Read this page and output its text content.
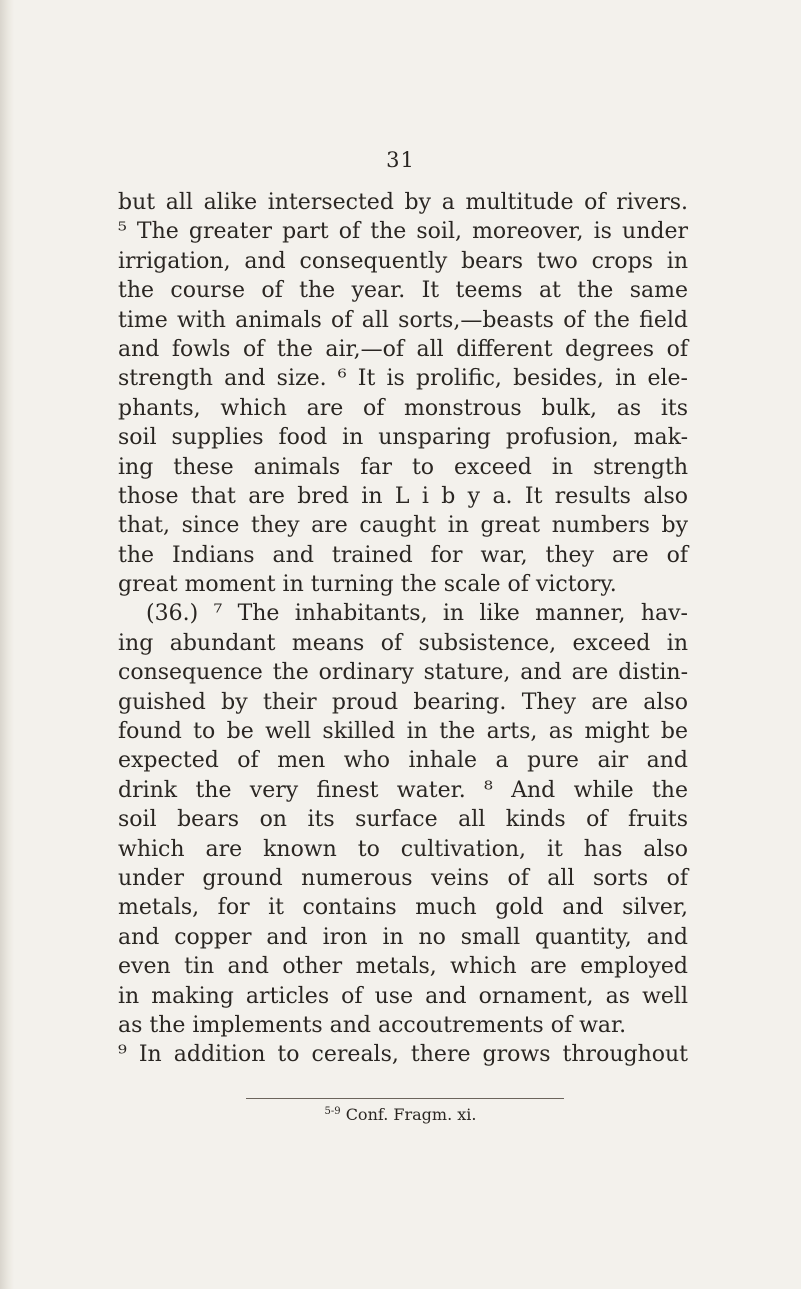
31
but all alike intersected by a multitude of rivers.
⁵ The greater part of the soil, moreover, is under
irrigation, and consequently bears two crops in
the course of the year. It teems at the same
time with animals of all sorts,—beasts of the field
and fowls of the air,—of all different degrees of
strength and size. ⁶ It is prolific, besides, in ele-
phants, which are of monstrous bulk, as its
soil supplies food in unsparing profusion, mak-
ing these animals far to exceed in strength
those that are bred in L i b y a. It results also
that, since they are caught in great numbers by
the Indians and trained for war, they are of
great moment in turning the scale of victory.
(36.) ⁷ The inhabitants, in like manner, hav-
ing abundant means of subsistence, exceed in
consequence the ordinary stature, and are distin-
guished by their proud bearing. They are also
found to be well skilled in the arts, as might be
expected of men who inhale a pure air and
drink the very finest water. ⁸ And while the
soil bears on its surface all kinds of fruits
which are known to cultivation, it has also
under ground numerous veins of all sorts of
metals, for it contains much gold and silver,
and copper and iron in no small quantity, and
even tin and other metals, which are employed
in making articles of use and ornament, as well
as the implements and accoutrements of war.
⁹ In addition to cereals, there grows throughout
$^{5-9}$ Conf. Fragm. xi.
